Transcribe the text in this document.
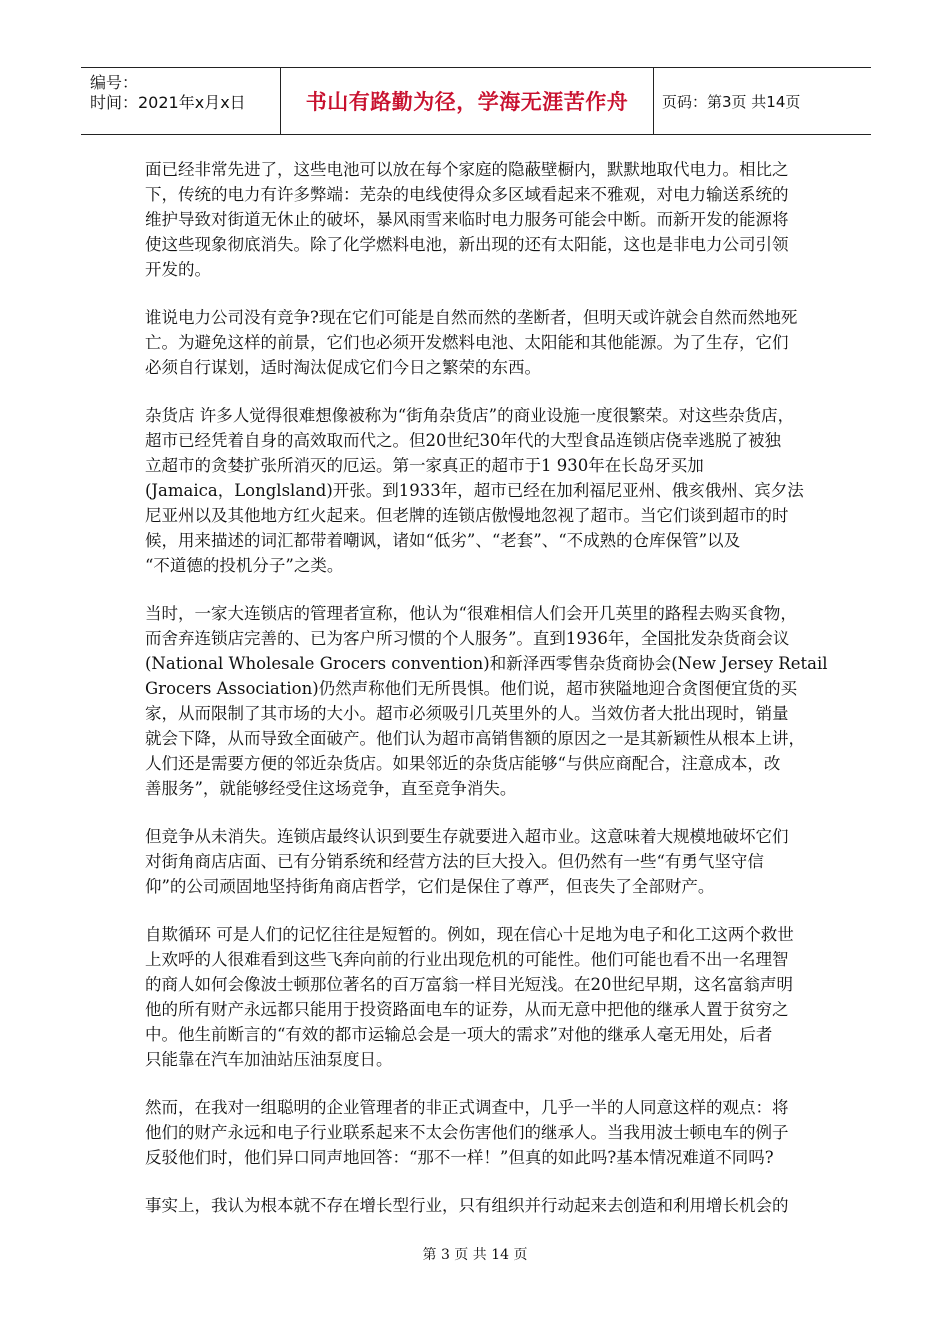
编号：
时间：2021年x月x日	书山有路勤为径，学海无涯苦作舟	页码：第3页 共14页
面已经非常先进了，这些电池可以放在每个家庭的隐蔽壁橱内，默默地取代电力。相比之
下，传统的电力有许多弊端：芜杂的电线使得众多区域看起来不雅观，对电力输送系统的
维护导致对街道无休止的破坏，暴风雨雪来临时电力服务可能会中断。而新开发的能源将
使这些现象彻底消失。除了化学燃料电池，新出现的还有太阳能，这也是非电力公司引领
开发的。
谁说电力公司没有竞争?现在它们可能是自然而然的垄断者，但明天或许就会自然而然地死
亡。为避免这样的前景，它们也必须开发燃料电池、太阳能和其他能源。为了生存，它们
必须自行谋划，适时淘汰促成它们今日之繁荣的东西。
杂货店 许多人觉得很难想像被称为“街角杂货店”的商业设施一度很繁荣。对这些杂货店，
超市已经凭着自身的高效取而代之。但20世纪30年代的大型食品连锁店侥幸逃脱了被独
立超市的贪婪扩张所消灭的厄运。第一家真正的超市于1 930年在长岛牙买加
(Jamaica，Longlsland)开张。到1933年，超市已经在加利福尼亚州、俄亥俄州、宾夕法
尼亚州以及其他地方红火起来。但老牌的连锁店傲慢地忽视了超市。当它们谈到超市的时
候，用来描述的词汇都带着嘲讽，诸如“低劣”、“老套”、“不成熟的仓库保管”以及
“不道德的投机分子”之类。
当时，一家大连锁店的管理者宣称，他认为“很难相信人们会开几英里的路程去购买食物，
而舍弃连锁店完善的、已为客户所习惯的个人服务”。直到1936年，全国批发杂货商会议
(National Wholesale Grocers convention)和新泽西零售杂货商协会(New Jersey Retail
Grocers Association)仍然声称他们无所畏惧。他们说，超市狭隘地迎合贪图便宜货的买
家，从而限制了其市场的大小。超市必须吸引几英里外的人。当效仿者大批出现时，销量
就会下降，从而导致全面破产。他们认为超市高销售额的原因之一是其新颖性从根本上讲，
人们还是需要方便的邻近杂货店。如果邻近的杂货店能够“与供应商配合，注意成本，改
善服务”，就能够经受住这场竞争，直至竞争消失。
但竞争从未消失。连锁店最终认识到要生存就要进入超市业。这意味着大规模地破坏它们
对街角商店店面、已有分销系统和经营方法的巨大投入。但仍然有一些“有勇气坚守信
仰”的公司顽固地坚持街角商店哲学，它们是保住了尊严，但丧失了全部财产。
自欺循环 可是人们的记忆往往是短暂的。例如，现在信心十足地为电子和化工这两个救世
上欢呼的人很难看到这些飞奔向前的行业出现危机的可能性。他们可能也看不出一名理智
的商人如何会像波士顿那位著名的百万富翁一样目光短浅。在20世纪早期，这名富翁声明
他的所有财产永远都只能用于投资路面电车的证券，从而无意中把他的继承人置于贫穷之
中。他生前断言的“有效的都市运输总会是一项大的需求”对他的继承人毫无用处，后者
只能靠在汽车加油站压油泵度日。
然而，在我对一组聪明的企业管理者的非正式调查中，几乎一半的人同意这样的观点：将
他们的财产永远和电子行业联系起来不太会伤害他们的继承人。当我用波士顿电车的例子
反驳他们时，他们异口同声地回答：“那不一样！”但真的如此吗?基本情况难道不同吗?
事实上，我认为根本就不存在增长型行业，只有组织并行动起来去创造和利用增长机会的
第 3 页 共 14 页
